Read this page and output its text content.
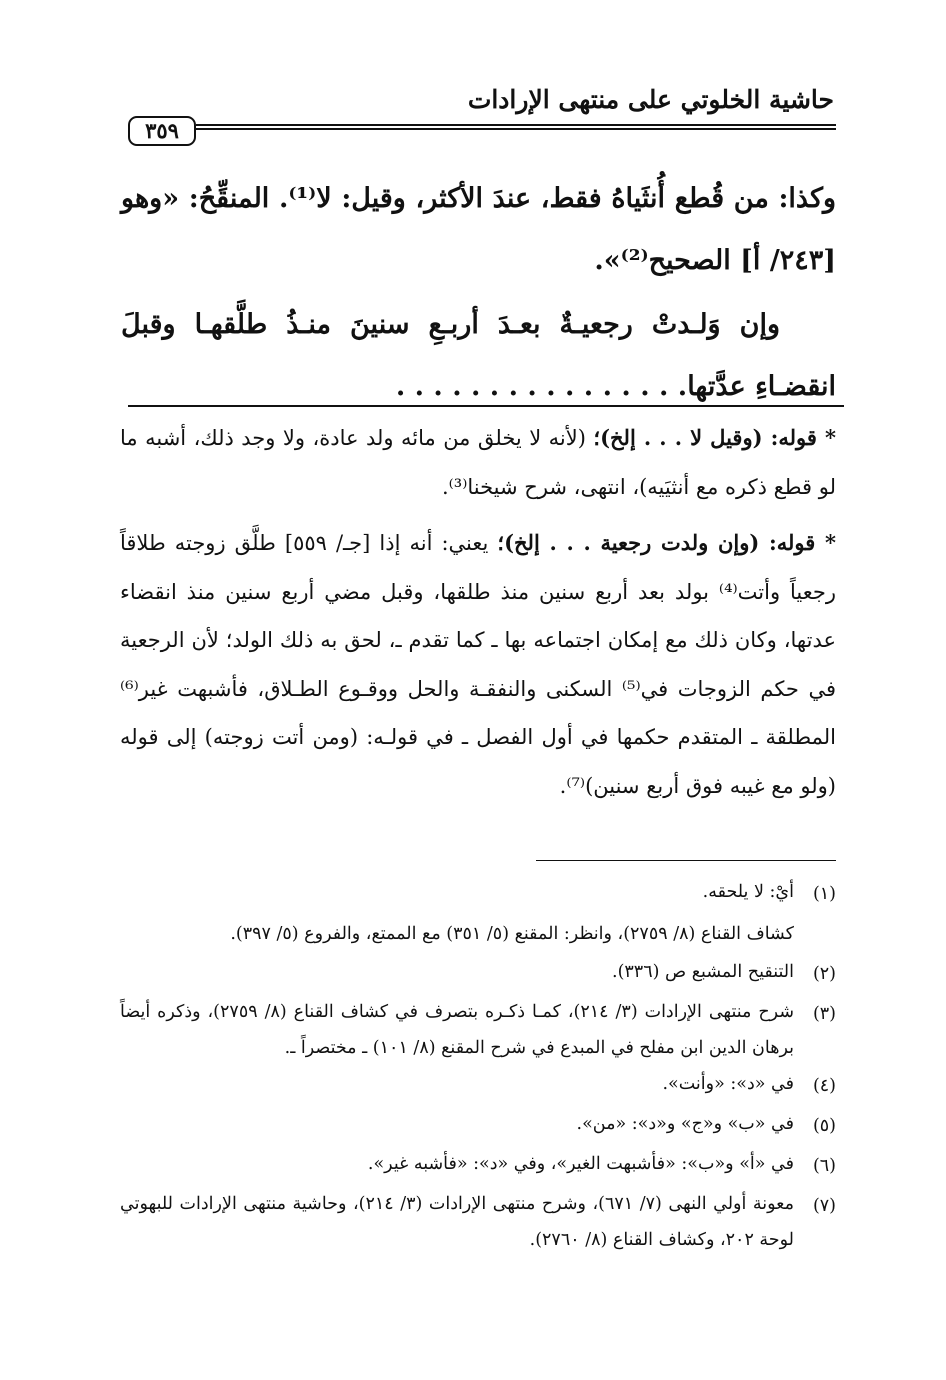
حاشية الخلوتي على منتهى الإرادات
٣٥٩

وكذا: من قُطع أُنثَياهُ فقط، عندَ الأكثر، وقيل: لا⁽¹⁾. المنقِّحُ: «وهو [٢٤٣/ أ] الصحيح⁽²⁾».

وإن وَلـدتْ رجعيـةٌ بعـدَ أربـعِ سنينَ منـذُ طلَّقهـا وقبلَ انقضـاءِ عدَّتها. . . . . . . . . . . . . . . .

* قوله: (وقيل لا . . . إلخ)؛ (لأنه لا يخلق من مائه ولد عادة، ولا وجد ذلك، أشبه ما لو قطع ذكره مع أنثيَيه)، انتهى، شرح شيخنا⁽³⁾.

* قوله: (وإن ولدت رجعية . . . إلخ)؛ يعني: أنه إذا [جـ/ ٥٥٩] طلَّق زوجته طلاقاً رجعياً وأتت⁽⁴⁾ بولد بعد أربع سنين منذ طلقها، وقبل مضي أربع سنين منذ انقضاء عدتها، وكان ذلك مع إمكان اجتماعه بها ـ كما تقدم ـ، لحق به ذلك الولد؛ لأن الرجعية في حكم الزوجات في⁽⁵⁾ السكنى والنفقـة والحل ووقـوع الطـلاق، فأشبهت غير⁽⁶⁾ المطلقة ـ المتقدم حكمها في أول الفصل ـ في قولـه: (ومن أتت زوجته) إلى قوله (ولو مع غيبه فوق أربع سنين)⁽⁷⁾.

(١)
أيْ: لا يلحقه.
كشاف القناع (٨/ ٢٧٥٩)، وانظر: المقنع (٥/ ٣٥١) مع الممتع، والفروع (٥/ ٣٩٧).
(٢)
التنقيح المشبع ص (٣٣٦).
(٣)
شرح منتهى الإرادات (٣/ ٢١٤)، كمـا ذكـره بتصرف في كشاف القناع (٨/ ٢٧٥٩)، وذكره أيضاً برهان الدين ابن مفلح في المبدع في شرح المقنع (٨/ ١٠١) ـ مختصراً ـ.
(٤)
في «د»: «وأنت».
(٥)
في «ب» و«ج» و«د»: «من».
(٦)
في «أ» و«ب»: «فأشبهت الغير»، وفي «د»: «فأشبه غير».
(٧)
معونة أولي النهى (٧/ ٦٧١)، وشرح منتهى الإرادات (٣/ ٢١٤)، وحاشية منتهى الإرادات للبهوتي لوحة ٢٠٢، وكشاف القناع (٨/ ٢٧٦٠).
